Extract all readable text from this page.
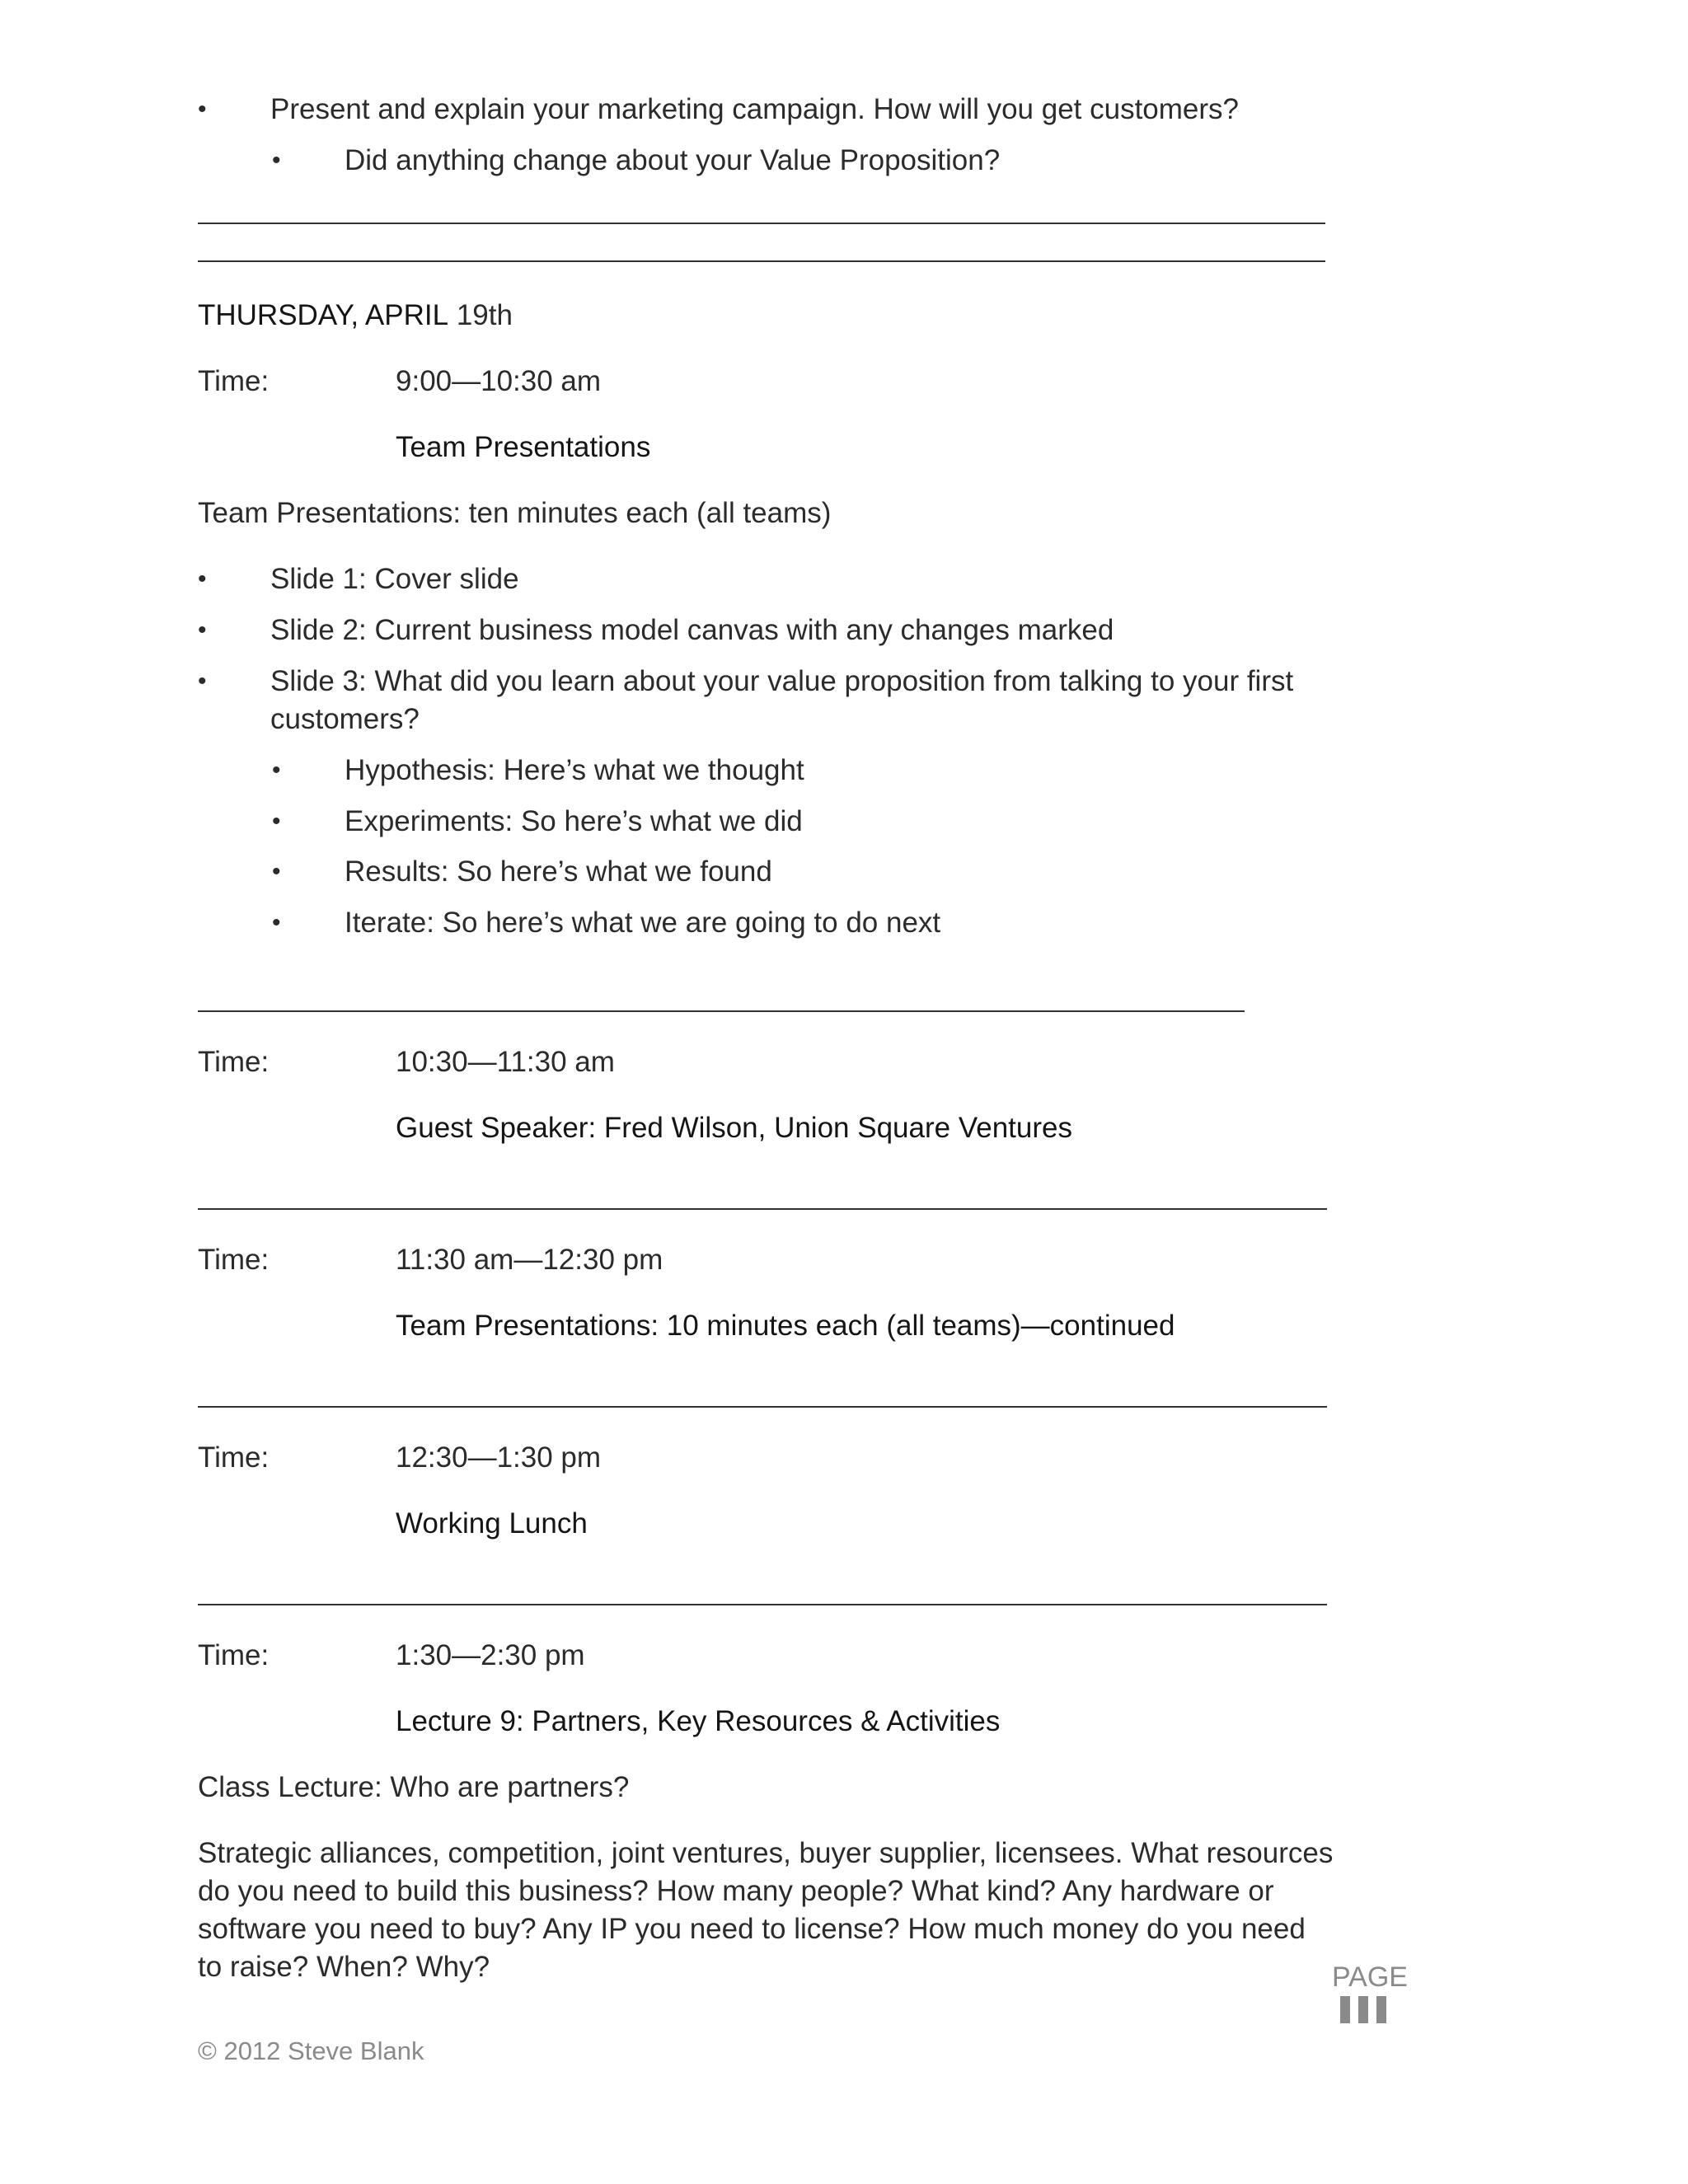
• Present and explain your marketing campaign. How will you get customers?
• Did anything change about your Value Proposition?
THURSDAY, APRIL 19th
Time:	9:00—10:30 am
Team Presentations
Team Presentations: ten minutes each (all teams)
• Slide 1: Cover slide
• Slide 2: Current business model canvas with any changes marked
• Slide 3: What did you learn about your value proposition from talking to your first customers?
• Hypothesis: Here’s what we thought
• Experiments: So here’s what we did
• Results: So here’s what we found
• Iterate: So here’s what we are going to do next
Time:	10:30—11:30 am
Guest Speaker: Fred Wilson, Union Square Ventures
Time:	11:30 am—12:30 pm
Team Presentations: 10 minutes each (all teams)—continued
Time:	12:30—1:30 pm
Working Lunch
Time:	1:30—2:30 pm
Lecture 9: Partners, Key Resources & Activities
Class Lecture: Who are partners?
Strategic alliances, competition, joint ventures, buyer supplier, licensees. What resources do you need to build this business? How many people? What kind? Any hardware or software you need to buy? Any IP you need to license? How much money do you need to raise? When? Why?
© 2012 Steve Blank
PAGE
